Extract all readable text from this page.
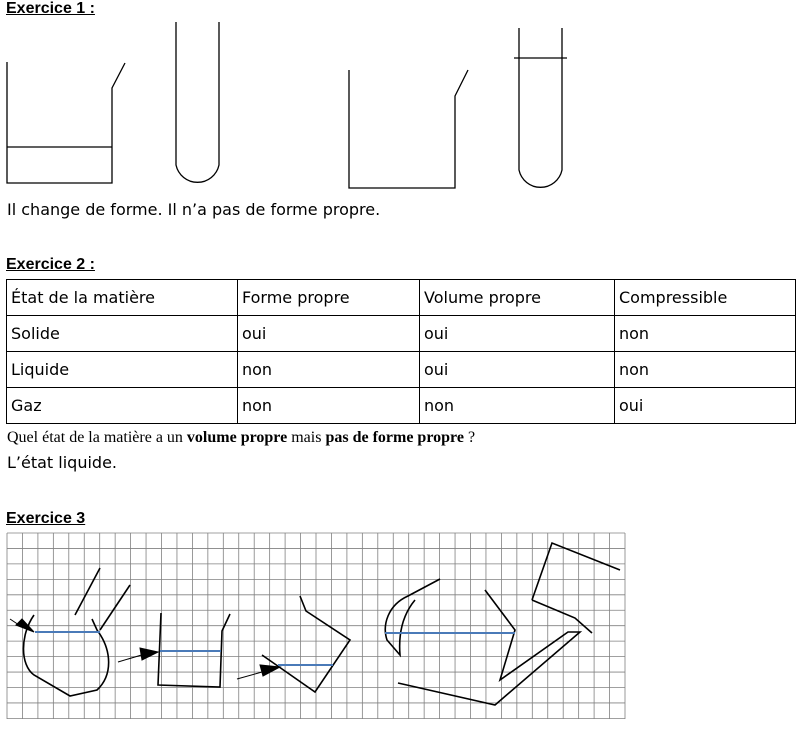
Exercice 1 :
Il change de forme. Il n’a pas de forme propre.
Exercice 2 :
État de la matière	Forme propre	Volume propre	Compressible
Solide	oui	oui	non
Liquide	non	oui	non
Gaz	non	non	oui
Quel état de la matière a un volume propre mais pas de forme propre ?
L’état liquide.
Exercice 3
